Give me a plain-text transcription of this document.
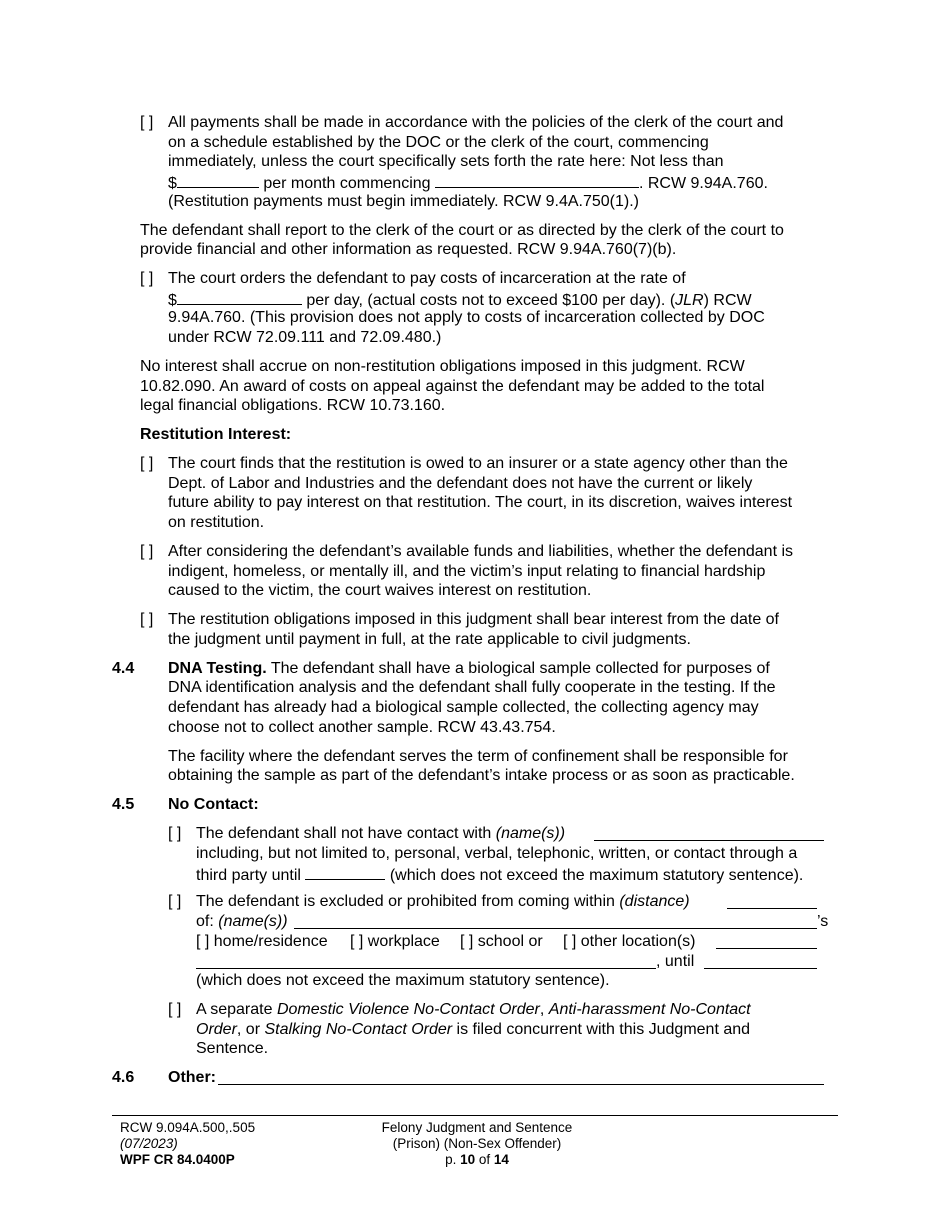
[ ] All payments shall be made in accordance with the policies of the clerk of the court and
on a schedule established by the DOC or the clerk of the court, commencing
immediately, unless the court specifically sets forth the rate here: Not less than
$	per month commencing	. RCW 9.94A.760.
(Restitution payments must begin immediately. RCW 9.4A.750(1).)
The defendant shall report to the clerk of the court or as directed by the clerk of the court to
provide financial and other information as requested. RCW 9.94A.760(7)(b).
[ ] The court orders the defendant to pay costs of incarceration at the rate of
$	per day, (actual costs not to exceed $100 per day). (JLR) RCW
9.94A.760. (This provision does not apply to costs of incarceration collected by DOC
under RCW 72.09.111 and 72.09.480.)
No interest shall accrue on non-restitution obligations imposed in this judgment. RCW
10.82.090. An award of costs on appeal against the defendant may be added to the total
legal financial obligations. RCW 10.73.160.
Restitution Interest:
[ ] The court finds that the restitution is owed to an insurer or a state agency other than the
Dept. of Labor and Industries and the defendant does not have the current or likely
future ability to pay interest on that restitution. The court, in its discretion, waives interest
on restitution.
[ ] After considering the defendant’s available funds and liabilities, whether the defendant is
indigent, homeless, or mentally ill, and the victim’s input relating to financial hardship
caused to the victim, the court waives interest on restitution.
[ ] The restitution obligations imposed in this judgment shall bear interest from the date of
the judgment until payment in full, at the rate applicable to civil judgments.
4.4 DNA Testing. The defendant shall have a biological sample collected for purposes of
DNA identification analysis and the defendant shall fully cooperate in the testing. If the
defendant has already had a biological sample collected, the collecting agency may
choose not to collect another sample. RCW 43.43.754.
The facility where the defendant serves the term of confinement shall be responsible for
obtaining the sample as part of the defendant’s intake process or as soon as practicable.
4.5 No Contact:
[ ] The defendant shall not have contact with (name(s))
including, but not limited to, personal, verbal, telephonic, written, or contact through a
third party until	(which does not exceed the maximum statutory sentence).
[ ] The defendant is excluded or prohibited from coming within (distance)
of: (name(s))	’s
[ ] home/residence [ ] workplace [ ] school or [ ] other location(s)
, until
(which does not exceed the maximum statutory sentence).
[ ] A separate Domestic Violence No-Contact Order, Anti-harassment No-Contact
Order, or Stalking No-Contact Order is filed concurrent with this Judgment and
Sentence.
4.6 Other:
RCW 9.094A.500,.505
(07/2023)
WPF CR 84.0400P
Felony Judgment and Sentence
(Prison) (Non-Sex Offender)
p. 10 of 14
